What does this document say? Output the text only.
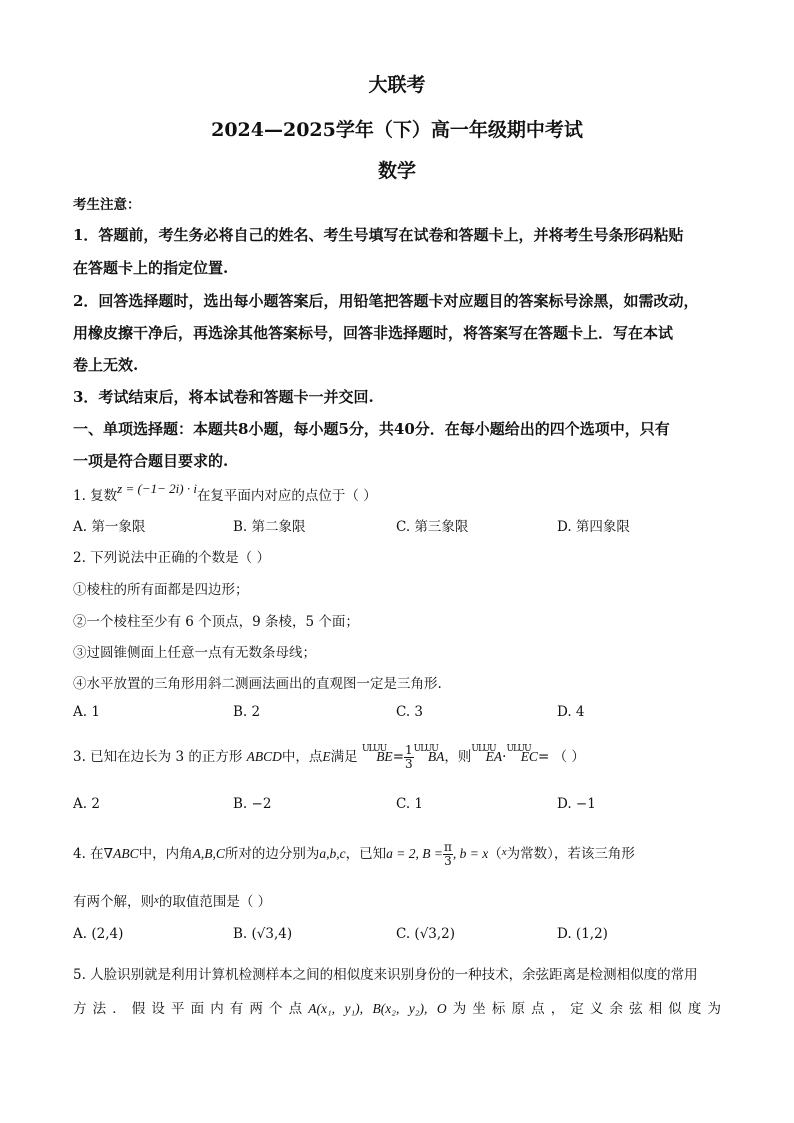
大联考
2024—2025学年（下）高一年级期中考试
数学
考生注意：
1．答题前，考生务必将自己的姓名、考生号填写在试卷和答题卡上，并将考生号条形码粘贴
在答题卡上的指定位置.
2．回答选择题时，选出每小题答案后，用铅笔把答题卡对应题目的答案标号涂黑，如需改动，
用橡皮擦干净后，再选涂其他答案标号，回答非选择题时，将答案写在答题卡上．写在本试
卷上无效.
3．考试结束后，将本试卷和答题卡一并交回.
一、单项选择题：本题共8小题，每小题5分，共40分．在每小题给出的四个选项中，只有
一项是符合题目要求的.
1. 复数z = (−1− 2i) · i在复平面内对应的点位于（ ）
A. 第一象限	B. 第二象限	C. 第三象限	D. 第四象限
2. 下列说法中正确的个数是（ ）
①棱柱的所有面都是四边形；
②一个棱柱至少有 6 个顶点，9 条棱，5 个面；
③过圆锥侧面上任意一点有无数条母线；
④水平放置的三角形用斜二测画法画出的直观图一定是三角形.
A. 1	B. 2	C. 3	D. 4
3. 已知在边长为 3 的正方形 ABCD中，点E满足 $^{ULUU}BE= \frac{1}{3} ^{ULUU}BA$，则$^{ULUU}$EA·$^{ULUU}$EC= （ ）
A. 2	B. −2	C. 1	D. −1
4. 在∇ABC中，内角A,B,C所对的边分别为a,b,c，已知a = 2, $B = \frac{\pi}{3}$ , b = x（$^x$为常数），若该三角形
有两个解，则$^x$的取值范围是（ ）
A. (2,4)	B. (√3,4)	C. (√3,2)	D. (1,2)
5. 人脸识别就是利用计算机检测样本之间的相似度来识别身份的一种技术，余弦距离是检测相似度的常用
方法．假设平面内有两个点A(x₁, y₁), B(x₂, y₂), O为坐标原点，定义余弦相似度为
